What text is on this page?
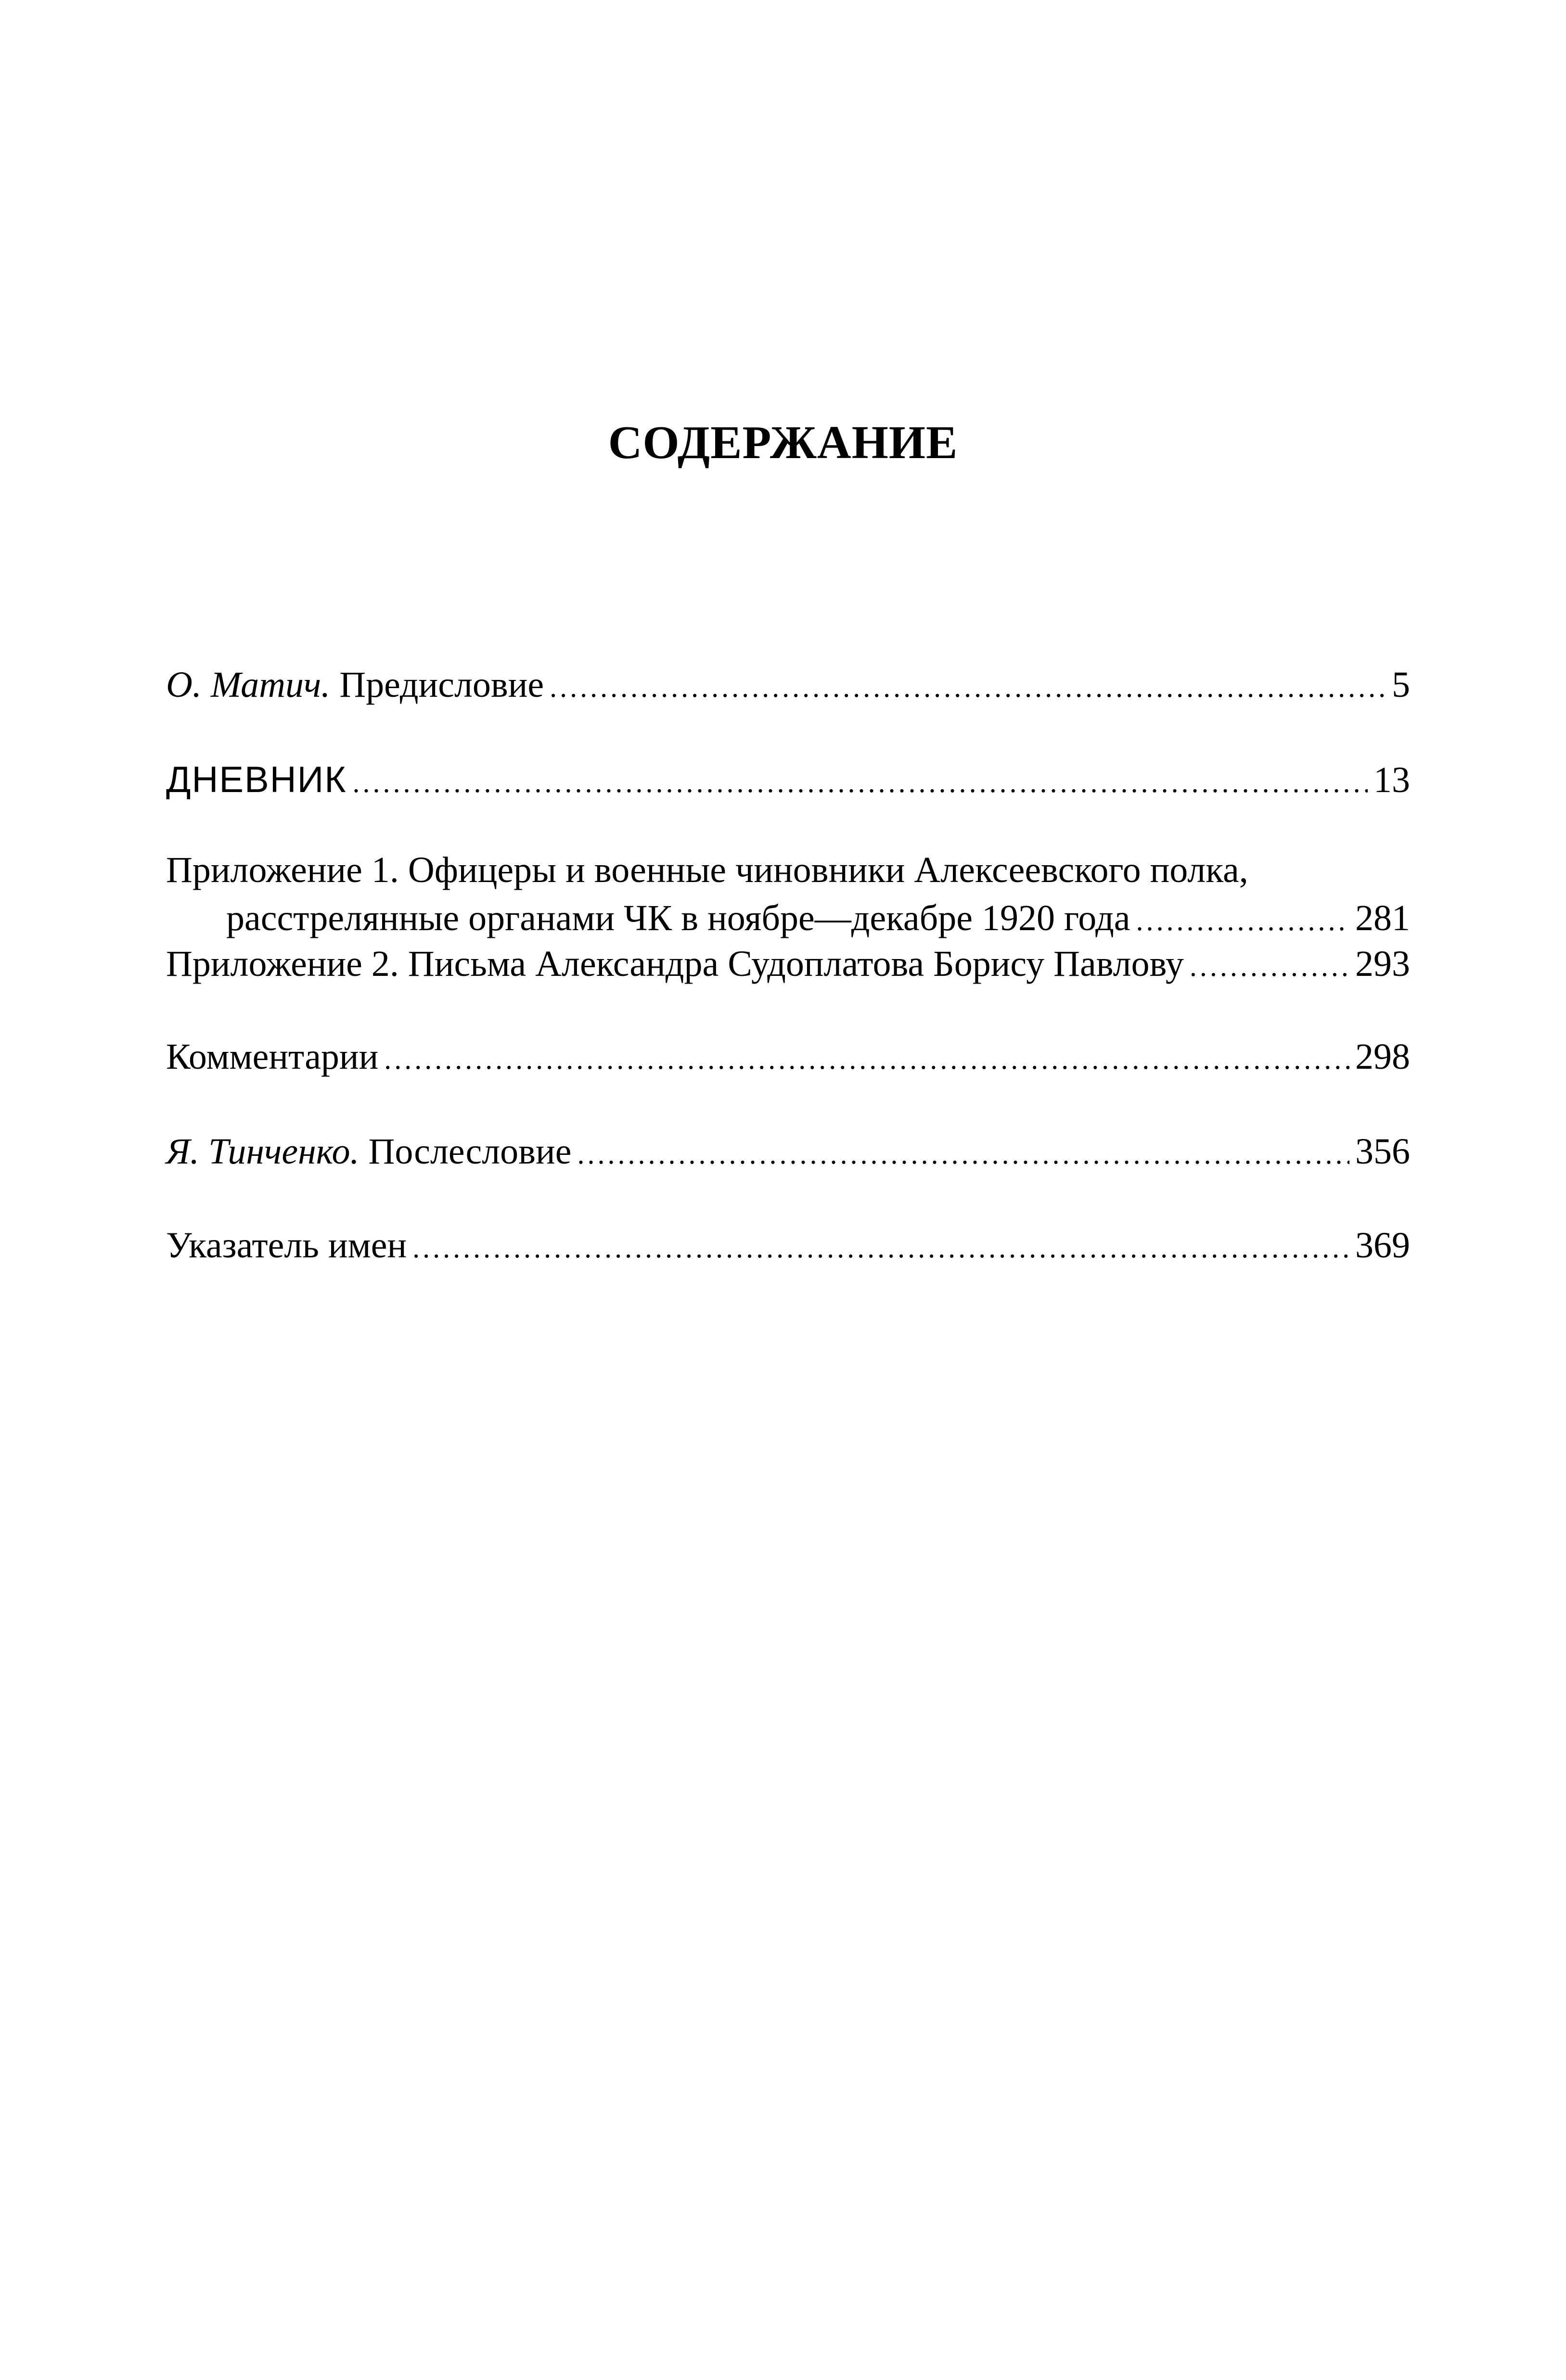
СОДЕРЖАНИЕ
О. Матич. Предисловие .....	5
ДНЕВНИК .....	13
Приложение 1. Офицеры и военные чиновники Алексеевского полка,
расстрелянные органами ЧК в ноябре—декабре 1920 года .....	281
Приложение 2. Письма Александра Судоплатова Борису Павлову .....	293
Комментарии .....	298
Я. Тинченко. Послесловие .....	356
Указатель имен .....	369
